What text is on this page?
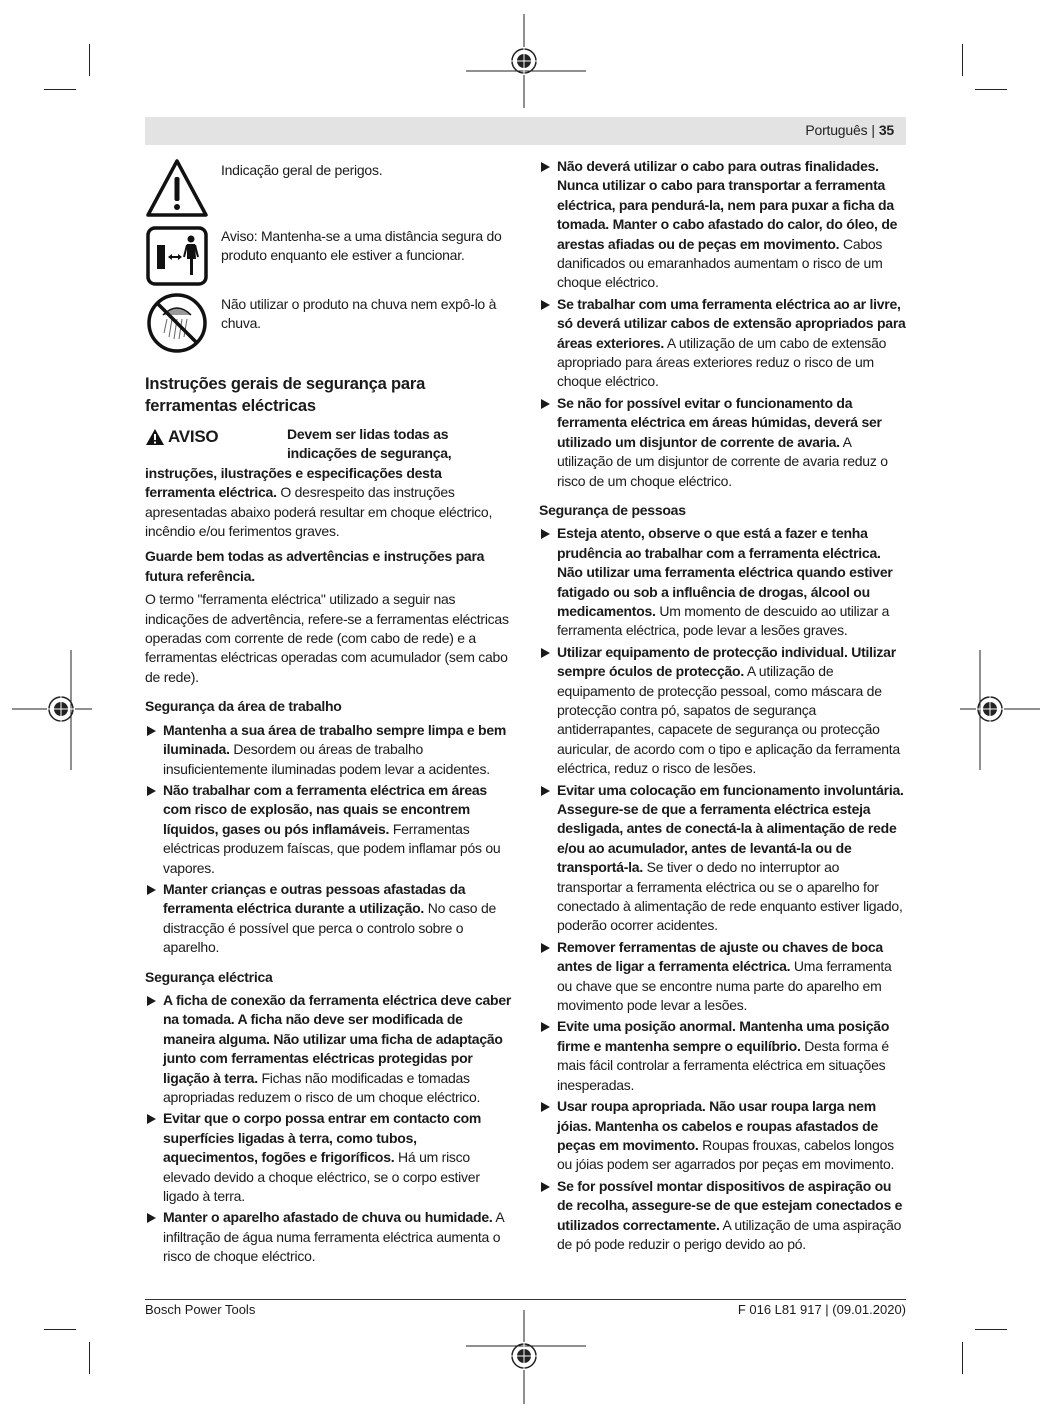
Português | 35
Indicação geral de perigos.
Aviso: Mantenha-se a uma distância segura do produto enquanto ele estiver a funcionar.
Não utilizar o produto na chuva nem expô-lo à chuva.
Instruções gerais de segurança para ferramentas eléctricas
AVISO	Devem ser lidas todas as indicações de segurança,

instruções, ilustrações e especificações desta ferramenta eléctrica. O desrespeito das instruções apresentadas abaixo poderá resultar em choque eléctrico, incêndio e/ou ferimentos graves.

Guarde bem todas as advertências e instruções para futura referência.

O termo "ferramenta eléctrica" utilizado a seguir nas indicações de advertência, refere-se a ferramentas eléctricas operadas com corrente de rede (com cabo de rede) e a ferramentas eléctricas operadas com acumulador (sem cabo de rede).

Segurança da área de trabalho
Mantenha a sua área de trabalho sempre limpa e bem iluminada. Desordem ou áreas de trabalho insuficientemente iluminadas podem levar a acidentes.
Não trabalhar com a ferramenta eléctrica em áreas com risco de explosão, nas quais se encontrem líquidos, gases ou pós inflamáveis. Ferramentas eléctricas produzem faíscas, que podem inflamar pós ou vapores.
Manter crianças e outras pessoas afastadas da ferramenta eléctrica durante a utilização. No caso de distracção é possível que perca o controlo sobre o aparelho.
Segurança eléctrica
A ficha de conexão da ferramenta eléctrica deve caber na tomada. A ficha não deve ser modificada de maneira alguma. Não utilizar uma ficha de adaptação junto com ferramentas eléctricas protegidas por ligação à terra. Fichas não modificadas e tomadas apropriadas reduzem o risco de um choque eléctrico.
Evitar que o corpo possa entrar em contacto com superfícies ligadas à terra, como tubos, aquecimentos, fogões e frigoríficos. Há um risco elevado devido a choque eléctrico, se o corpo estiver ligado à terra.
Manter o aparelho afastado de chuva ou humidade. A infiltração de água numa ferramenta eléctrica aumenta o risco de choque eléctrico.
Não deverá utilizar o cabo para outras finalidades. Nunca utilizar o cabo para transportar a ferramenta eléctrica, para pendurá-la, nem para puxar a ficha da tomada. Manter o cabo afastado do calor, do óleo, de arestas afiadas ou de peças em movimento. Cabos danificados ou emaranhados aumentam o risco de um choque eléctrico.
Se trabalhar com uma ferramenta eléctrica ao ar livre, só deverá utilizar cabos de extensão apropriados para áreas exteriores. A utilização de um cabo de extensão apropriado para áreas exteriores reduz o risco de um choque eléctrico.
Se não for possível evitar o funcionamento da ferramenta eléctrica em áreas húmidas, deverá ser utilizado um disjuntor de corrente de avaria. A utilização de um disjuntor de corrente de avaria reduz o risco de um choque eléctrico.
Segurança de pessoas
Esteja atento, observe o que está a fazer e tenha prudência ao trabalhar com a ferramenta eléctrica. Não utilizar uma ferramenta eléctrica quando estiver fatigado ou sob a influência de drogas, álcool ou medicamentos. Um momento de descuido ao utilizar a ferramenta eléctrica, pode levar a lesões graves.
Utilizar equipamento de protecção individual. Utilizar sempre óculos de protecção. A utilização de equipamento de protecção pessoal, como máscara de protecção contra pó, sapatos de segurança antiderrapantes, capacete de segurança ou protecção auricular, de acordo com o tipo e aplicação da ferramenta eléctrica, reduz o risco de lesões.
Evitar uma colocação em funcionamento involuntária. Assegure-se de que a ferramenta eléctrica esteja desligada, antes de conectá-la à alimentação de rede e/ou ao acumulador, antes de levantá-la ou de transportá-la. Se tiver o dedo no interruptor ao transportar a ferramenta eléctrica ou se o aparelho for conectado à alimentação de rede enquanto estiver ligado, poderão ocorrer acidentes.
Remover ferramentas de ajuste ou chaves de boca antes de ligar a ferramenta eléctrica. Uma ferramenta ou chave que se encontre numa parte do aparelho em movimento pode levar a lesões.
Evite uma posição anormal. Mantenha uma posição firme e mantenha sempre o equilíbrio. Desta forma é mais fácil controlar a ferramenta eléctrica em situações inesperadas.
Usar roupa apropriada. Não usar roupa larga nem jóias. Mantenha os cabelos e roupas afastados de peças em movimento. Roupas frouxas, cabelos longos ou jóias podem ser agarrados por peças em movimento.
Se for possível montar dispositivos de aspiração ou de recolha, assegure-se de que estejam conectados e utilizados correctamente. A utilização de uma aspiração de pó pode reduzir o perigo devido ao pó.
Bosch Power Tools	F 016 L81 917 | (09.01.2020)
